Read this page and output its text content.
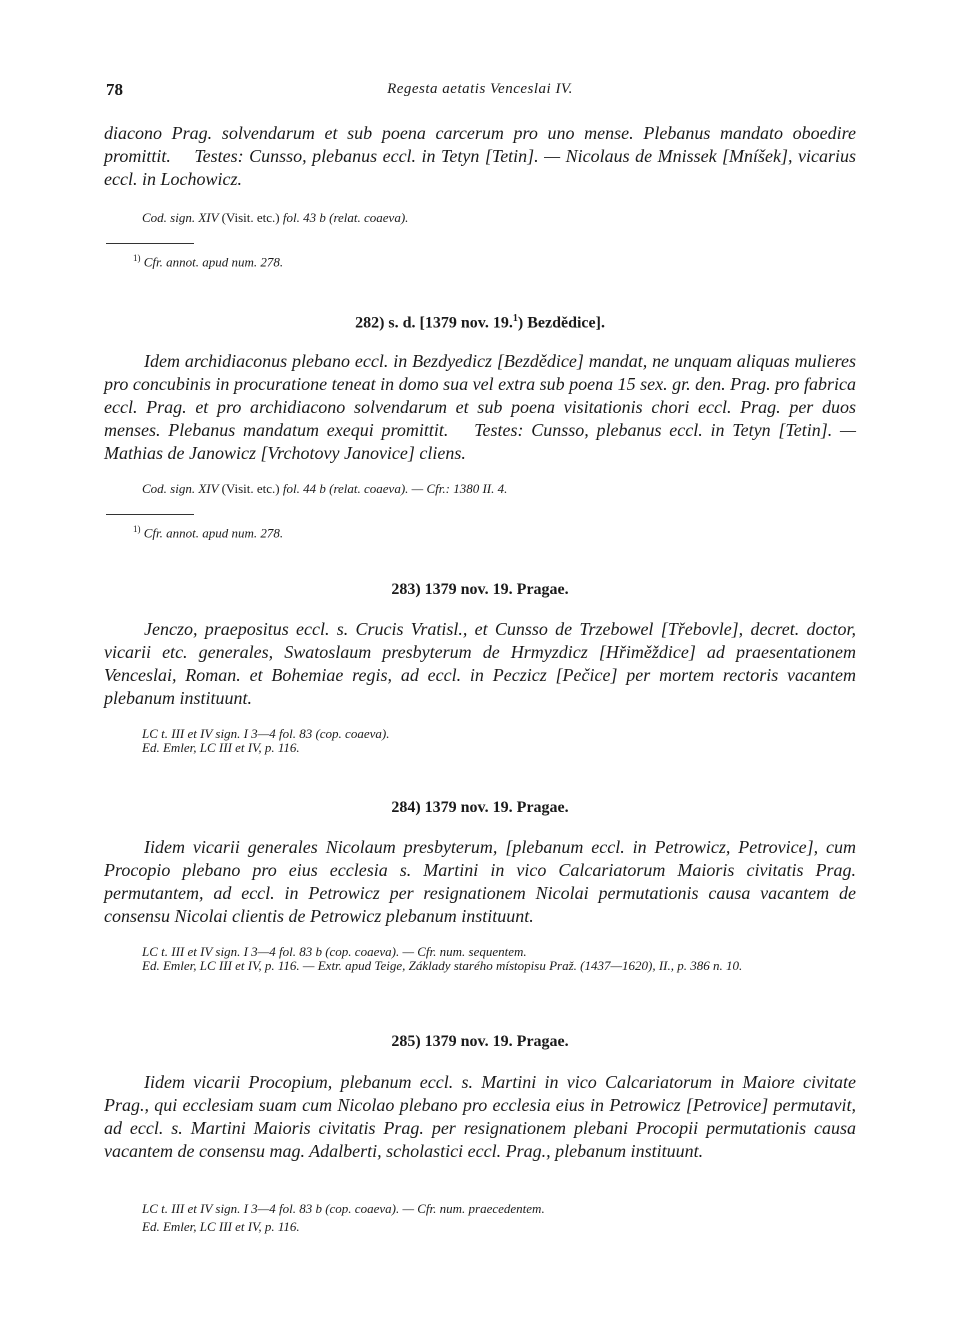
78	Regesta aetatis Venceslai IV.

diacono Prag. solvendarum et sub poena carcerum pro uno mense. Plebanus mandato oboedire promittit.  Testes: Cunsso, plebanus eccl. in Tetyn [Tetin]. — Nicolaus de Mnissek [Mníšek], vicarius eccl. in Lochowicz.

Cod. sign. XIV (Visit. etc.) fol. 43 b (relat. coaeva).

$^{1)}$ Cfr. annot. apud num. 278.
282) s. d. [1379 nov. 19.$^1$) Bezdědice].

Idem archidiaconus plebano eccl. in Bezdyedicz [Bezdědice] mandat, ne unquam aliquas mulieres pro concubinis in procuratione teneat in domo sua vel extra sub poena 15 sex. gr. den. Prag. pro fabrica eccl. Prag. et pro archidiacono solvendarum et sub poena visitationis chori eccl. Prag. per duos menses. Plebanus mandatum exequi promittit.  Testes: Cunsso, plebanus eccl. in Tetyn [Tetin]. — Mathias de Janowicz [Vrchotovy Janovice] cliens.

Cod. sign. XIV (Visit. etc.) fol. 44 b (relat. coaeva). — Cfr.: 1380 II. 4.

$^{1)}$ Cfr. annot. apud num. 278.
283) 1379 nov. 19. Pragae.

Jenczo, praepositus eccl. s. Crucis Vratisl., et Cunsso de Trzebowel [Třebovle], decret. doctor, vicarii etc. generales, Swatoslaum presbyterum de Hrmyzdicz [Hřiměždice] ad praesentationem Venceslai, Roman. et Bohemiae regis, ad eccl. in Peczicz [Pečice] per mortem rectoris vacantem plebanum instituunt.

LC t. III et IV sign. I 3—4 fol. 83 (cop. coaeva).

Ed. Emler, LC III et IV, p. 116.

284) 1379 nov. 19. Pragae.

Iidem vicarii generales Nicolaum presbyterum, [plebanum eccl. in Petrowicz, Petrovice], cum Procopio plebano pro eius ecclesia s. Martini in vico Calcariatorum Maioris civitatis Prag. permutantem, ad eccl. in Petrowicz per resignationem Nicolai permutationis causa vacantem de consensu Nicolai clientis de Petrowicz plebanum instituunt.

LC t. III et IV sign. I 3—4 fol. 83 b (cop. coaeva). — Cfr. num. sequentem.

Ed. Emler, LC III et IV, p. 116. — Extr. apud Teige, Základy starého místopisu Praž. (1437—1620), II., p. 386 n. 10.

285) 1379 nov. 19. Pragae.

Iidem vicarii Procopium, plebanum eccl. s. Martini in vico Calcariatorum in Maiore civitate Prag., qui ecclesiam suam cum Nicolao plebano pro ecclesia eius in Petrowicz [Petrovice] permutavit, ad eccl. s. Martini Maioris civitatis Prag. per resignationem plebani Procopii permutationis causa vacantem de consensu mag. Adalberti, scholastici eccl. Prag., plebanum instituunt.

LC t. III et IV sign. I 3—4 fol. 83 b (cop. coaeva). — Cfr. num. praecedentem.

Ed. Emler, LC III et IV, p. 116.
